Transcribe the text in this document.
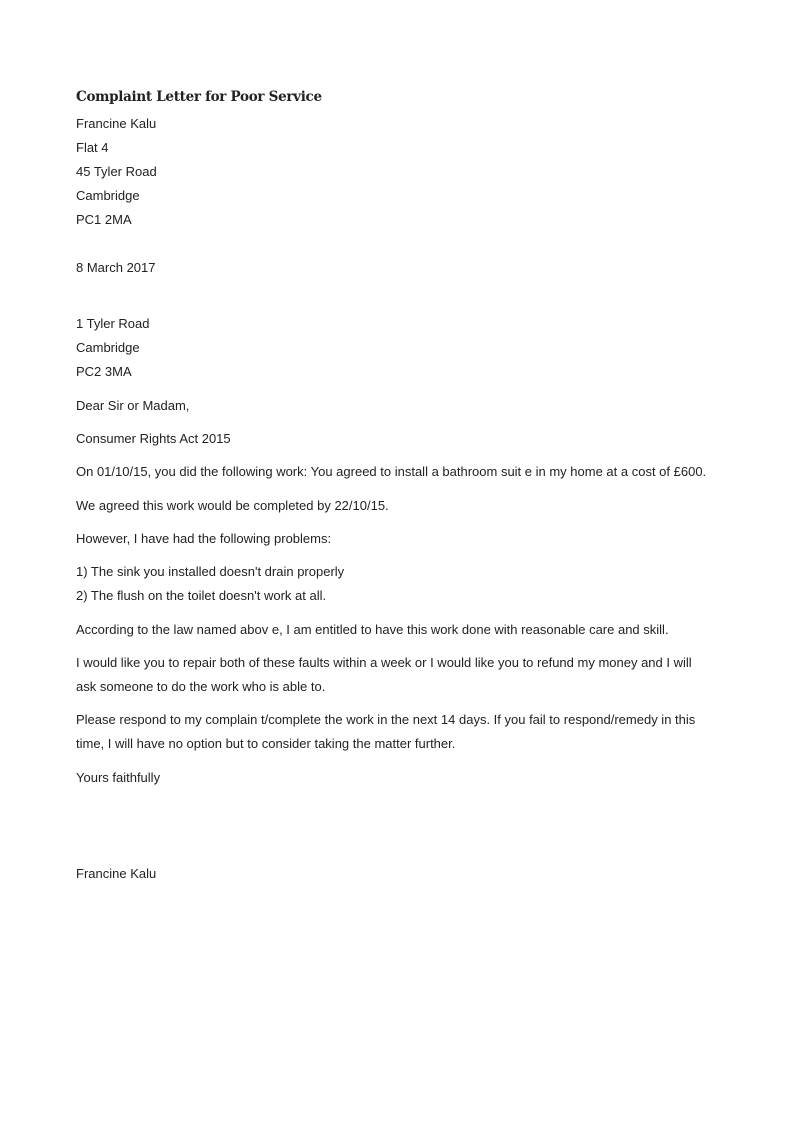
Complaint Letter for Poor Service

Francine Kalu

Flat 4

45 Tyler Road

Cambridge

PC1 2MA

8 March 2017

1 Tyler Road

Cambridge

PC2 3MA

Dear Sir or Madam,

Consumer Rights Act 2015

On 01/10/15, you did the following work: You agreed to install a bathroom suit e in my home at a cost of £600.

We agreed this work would be completed by 22/10/15.

However, I have had the following problems:

1) The sink you installed doesn't drain properly

2) The flush on the toilet doesn't work at all.

According to the law named abov e, I am entitled to have this work done with reasonable care and skill.

I would like you to repair both of these faults within a week or I would like you to refund my money and I will

ask someone to do the work who is able to.

Please respond to my complain t/complete the work in the next 14 days. If you fail to respond/remedy in this

time, I will have no option but to consider taking the matter further.

Yours faithfully

Francine Kalu
